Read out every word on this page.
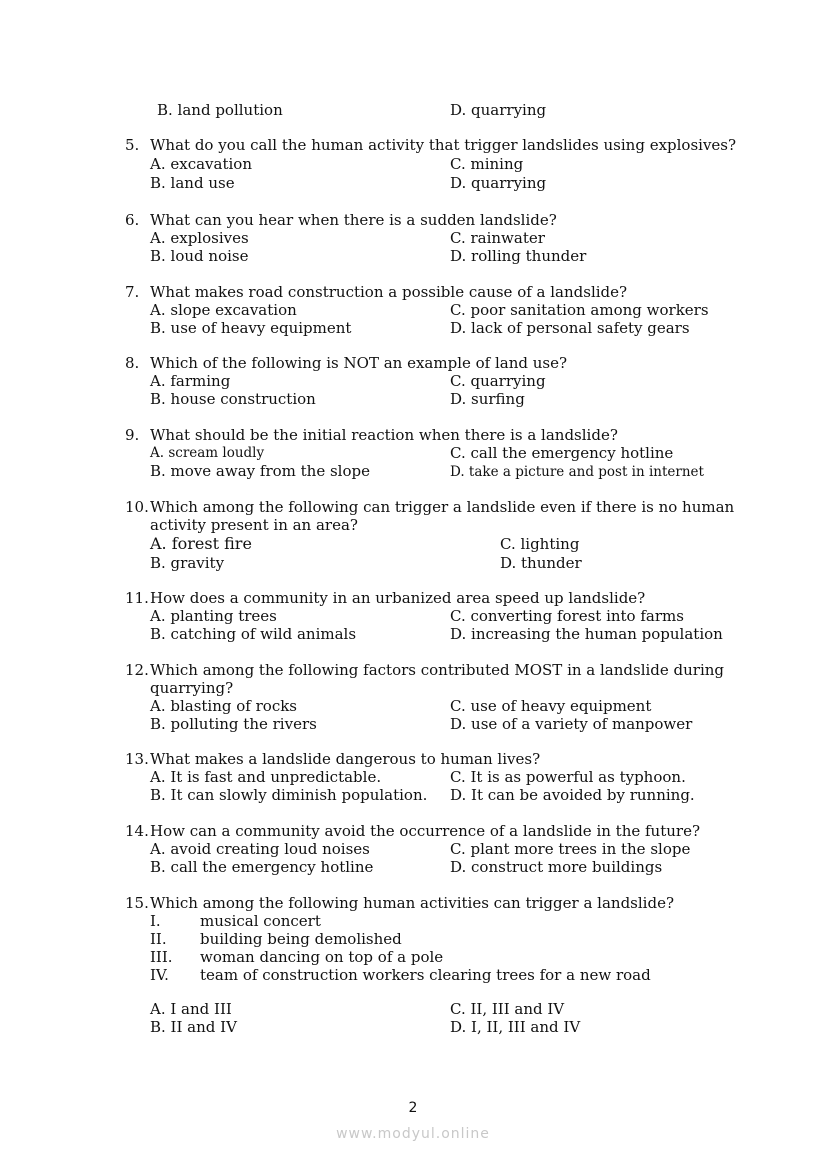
B. land pollution	D. quarrying
5. What do you call the human activity that trigger landslides using explosives?
A. excavation	C. mining
B. land use	D. quarrying
6. What can you hear when there is a sudden landslide?
A. explosives	C. rainwater
B. loud noise	D. rolling thunder
7. What makes road construction a possible cause of a landslide?
A. slope excavation	C. poor sanitation among workers
B. use of heavy equipment	D. lack of personal safety gears
8. Which of the following is NOT an example of land use?
A. farming	C. quarrying
B. house construction	D. surfing
9. What should be the initial reaction when there is a landslide?
A. scream loudly	C. call the emergency hotline
B. move away from the slope	D. take a picture and post in internet
10.Which among the following can trigger a landslide even if there is no human
activity present in an area?
A. forest fire	C. lighting
B. gravity	D. thunder
11.How does a community in an urbanized area speed up landslide?
A. planting trees	C. converting forest into farms
B. catching of wild animals	D. increasing the human population
12.Which among the following factors contributed MOST in a landslide during
quarrying?
A. blasting of rocks	C. use of heavy equipment
B. polluting the rivers	D. use of a variety of manpower
13.What makes a landslide dangerous to human lives?
A. It is fast and unpredictable.	C. It is as powerful as typhoon.
B. It can slowly diminish population. D. It can be avoided by running.
14.How can a community avoid the occurrence of a landslide in the future?
A. avoid creating loud noises	C. plant more trees in the slope
B. call the emergency hotline	D. construct more buildings
15.Which among the following human activities can trigger a landslide?
I.	musical concert
II. building being demolished
III. woman dancing on top of a pole
IV. team of construction workers clearing trees for a new road
A. I and III	C. II, III and IV
B. II and IV	D. I, II, III and IV
2
www.modyul.online
